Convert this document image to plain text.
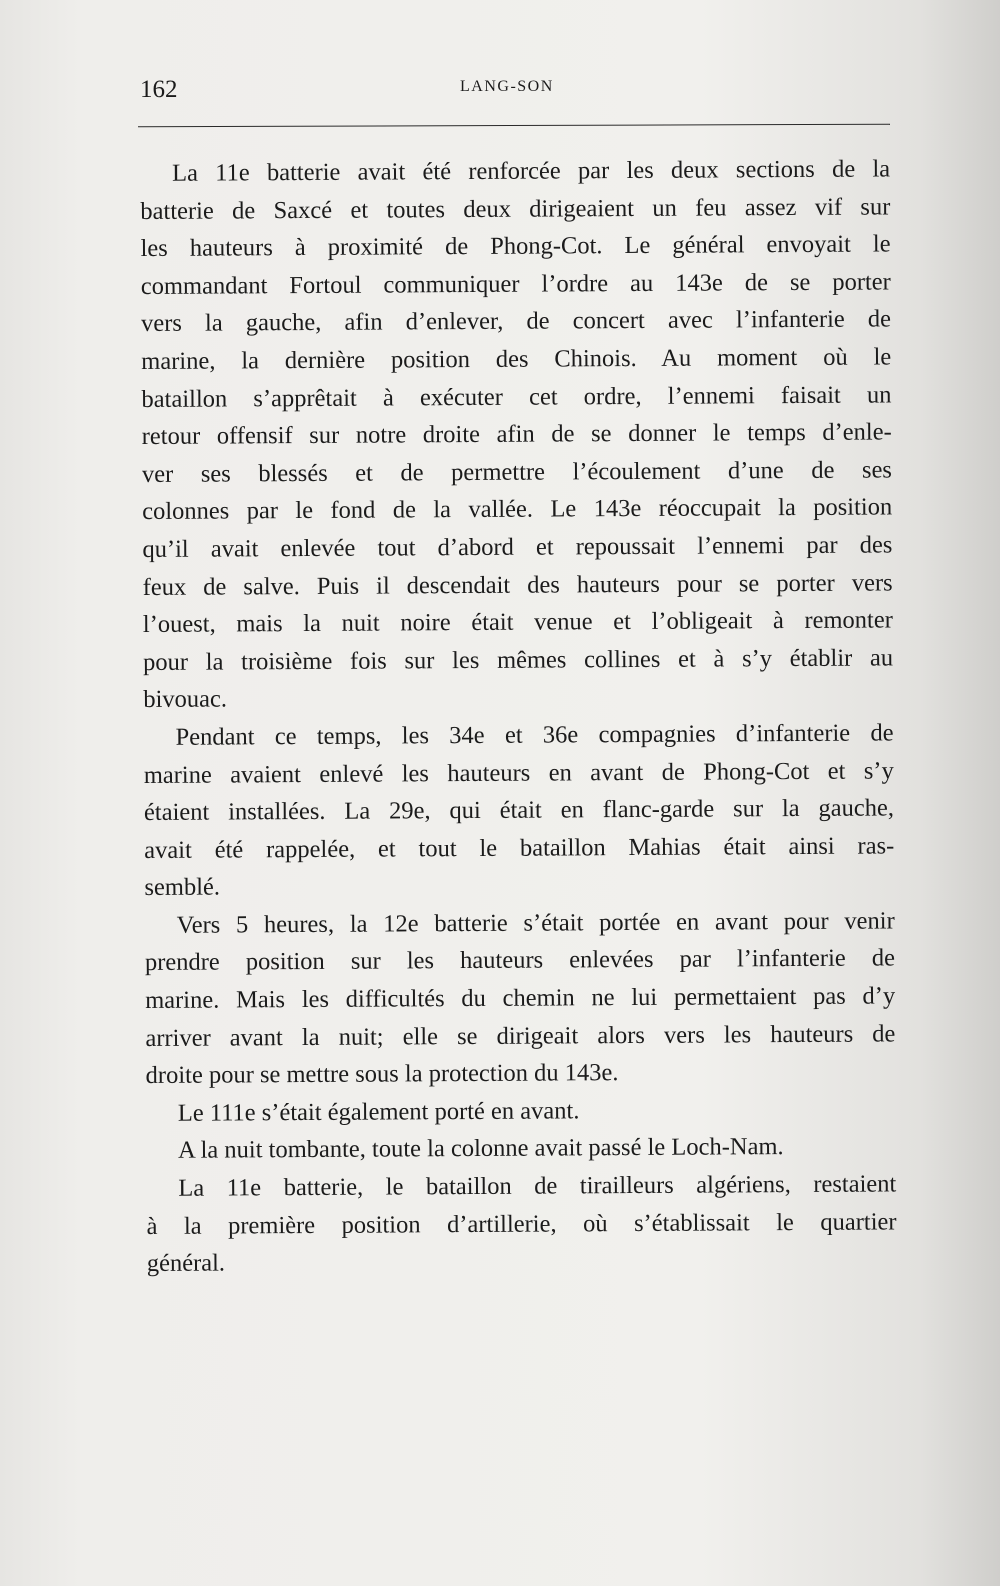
162	LANG-SON
La 11e batterie avait été renforcée par les deux sections de la
batterie de Saxcé et toutes deux dirigeaient un feu assez vif sur
les hauteurs à proximité de Phong-Cot. Le général envoyait le
commandant Fortoul communiquer l’ordre au 143e de se porter
vers la gauche, afin d’enlever, de concert avec l’infanterie de
marine, la dernière position des Chinois. Au moment où le
bataillon s’apprêtait à exécuter cet ordre, l’ennemi faisait un
retour offensif sur notre droite afin de se donner le temps d’enle-
ver ses blessés et de permettre l’écoulement d’une de ses
colonnes par le fond de la vallée. Le 143e réoccupait la position
qu’il avait enlevée tout d’abord et repoussait l’ennemi par des
feux de salve. Puis il descendait des hauteurs pour se porter vers
l’ouest, mais la nuit noire était venue et l’obligeait à remonter
pour la troisième fois sur les mêmes collines et à s’y établir au
bivouac.
Pendant ce temps, les 34e et 36e compagnies d’infanterie de
marine avaient enlevé les hauteurs en avant de Phong-Cot et s’y
étaient installées. La 29e, qui était en flanc-garde sur la gauche,
avait été rappelée, et tout le bataillon Mahias était ainsi ras-
semblé.
Vers 5 heures, la 12e batterie s’était portée en avant pour venir
prendre position sur les hauteurs enlevées par l’infanterie de
marine. Mais les difficultés du chemin ne lui permettaient pas d’y
arriver avant la nuit; elle se dirigeait alors vers les hauteurs de
droite pour se mettre sous la protection du 143e.
Le 111e s’était également porté en avant.
A la nuit tombante, toute la colonne avait passé le Loch-Nam.
La 11e batterie, le bataillon de tirailleurs algériens, restaient
à la première position d’artillerie, où s’établissait le quartier
général.
